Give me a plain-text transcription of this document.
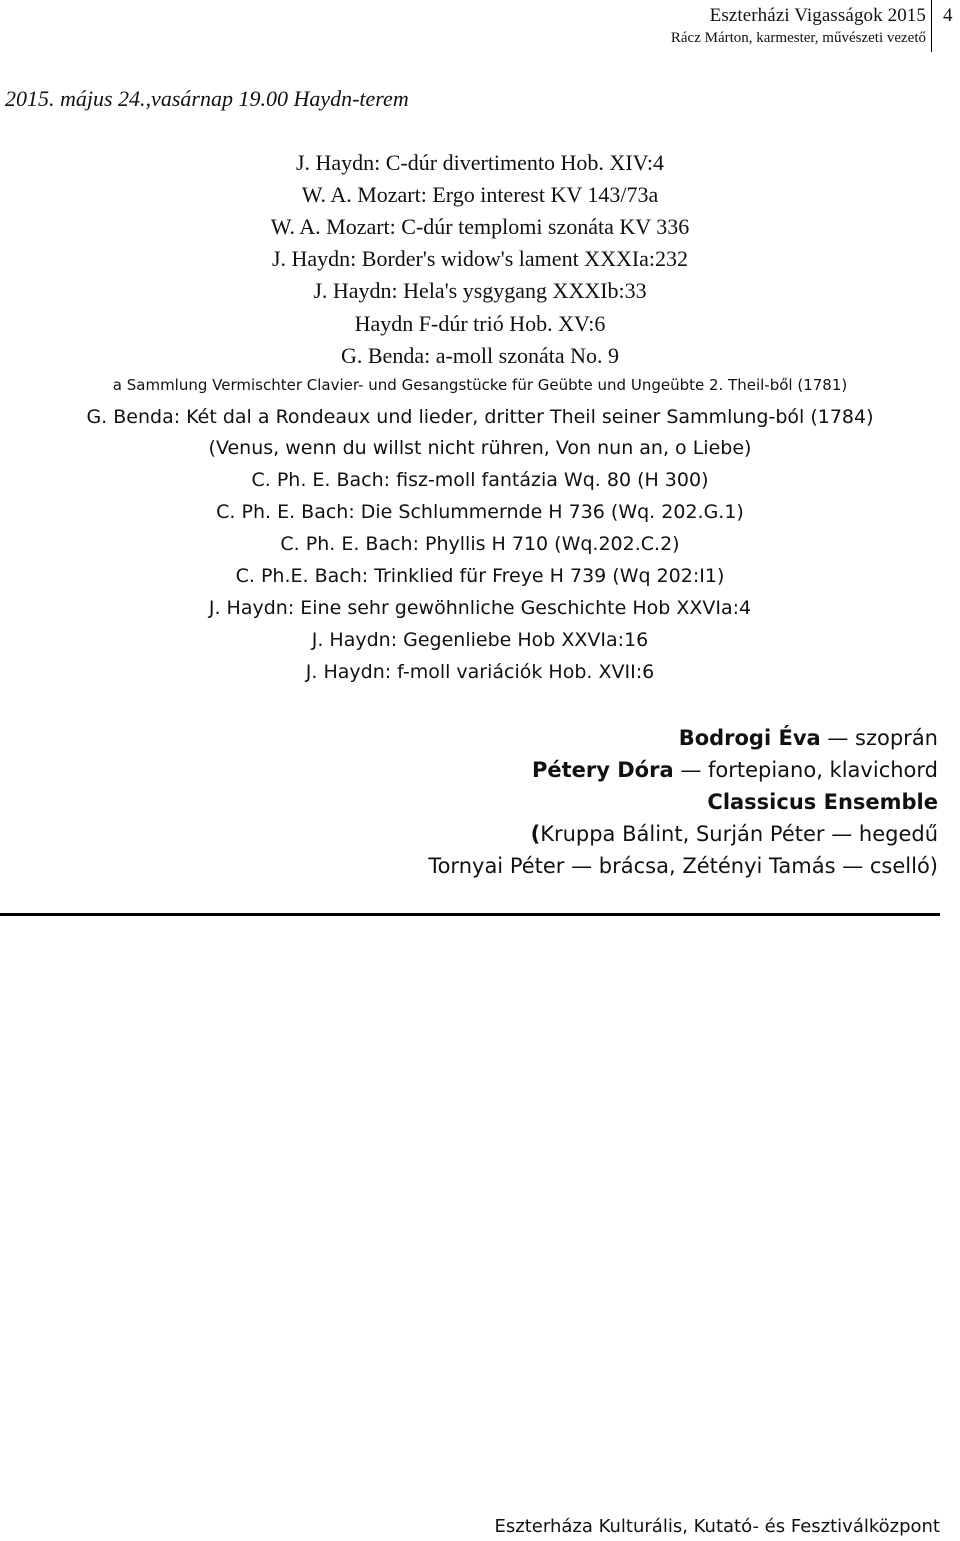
Eszterházi Vigasságok 2015
Rácz Márton, karmester, művészeti vezető
4
2015. május 24.,vasárnap 19.00 Haydn-terem
J. Haydn: C-dúr divertimento Hob. XIV:4
W. A. Mozart: Ergo interest KV 143/73a
W. A. Mozart: C-dúr templomi szonáta KV 336
J. Haydn: Border's widow's lament XXXIa:232
J. Haydn: Hela's ysgygang XXXIb:33
Haydn F-dúr trió Hob. XV:6
G. Benda: a-moll szonáta No. 9
a Sammlung Vermischter Clavier- und Gesangstücke für Geübte und Ungeübte 2. Theil-ből (1781)
G. Benda: Két dal a Rondeaux und lieder, dritter Theil seiner Sammlung-ból (1784)
(Venus, wenn du willst nicht rühren, Von nun an, o Liebe)
C. Ph. E. Bach: fisz-moll fantázia Wq. 80 (H 300)
C. Ph. E. Bach: Die Schlummernde H 736 (Wq. 202.G.1)
C. Ph. E. Bach: Phyllis H 710 (Wq.202.C.2)
C. Ph.E. Bach: Trinklied für Freye H 739 (Wq 202:I1)
J. Haydn: Eine sehr gewöhnliche Geschichte Hob XXVIa:4
J. Haydn: Gegenliebe Hob XXVIa:16
J. Haydn: f-moll variációk Hob. XVII:6
Bodrogi Éva — szoprán
Pétery Dóra — fortepiano, klavichord
Classicus Ensemble
(Kruppa Bálint, Surján Péter — hegedű
Tornyai Péter — brácsa, Zétényi Tamás — cselló)
Eszterháza Kulturális, Kutató- és Fesztiválközpont
